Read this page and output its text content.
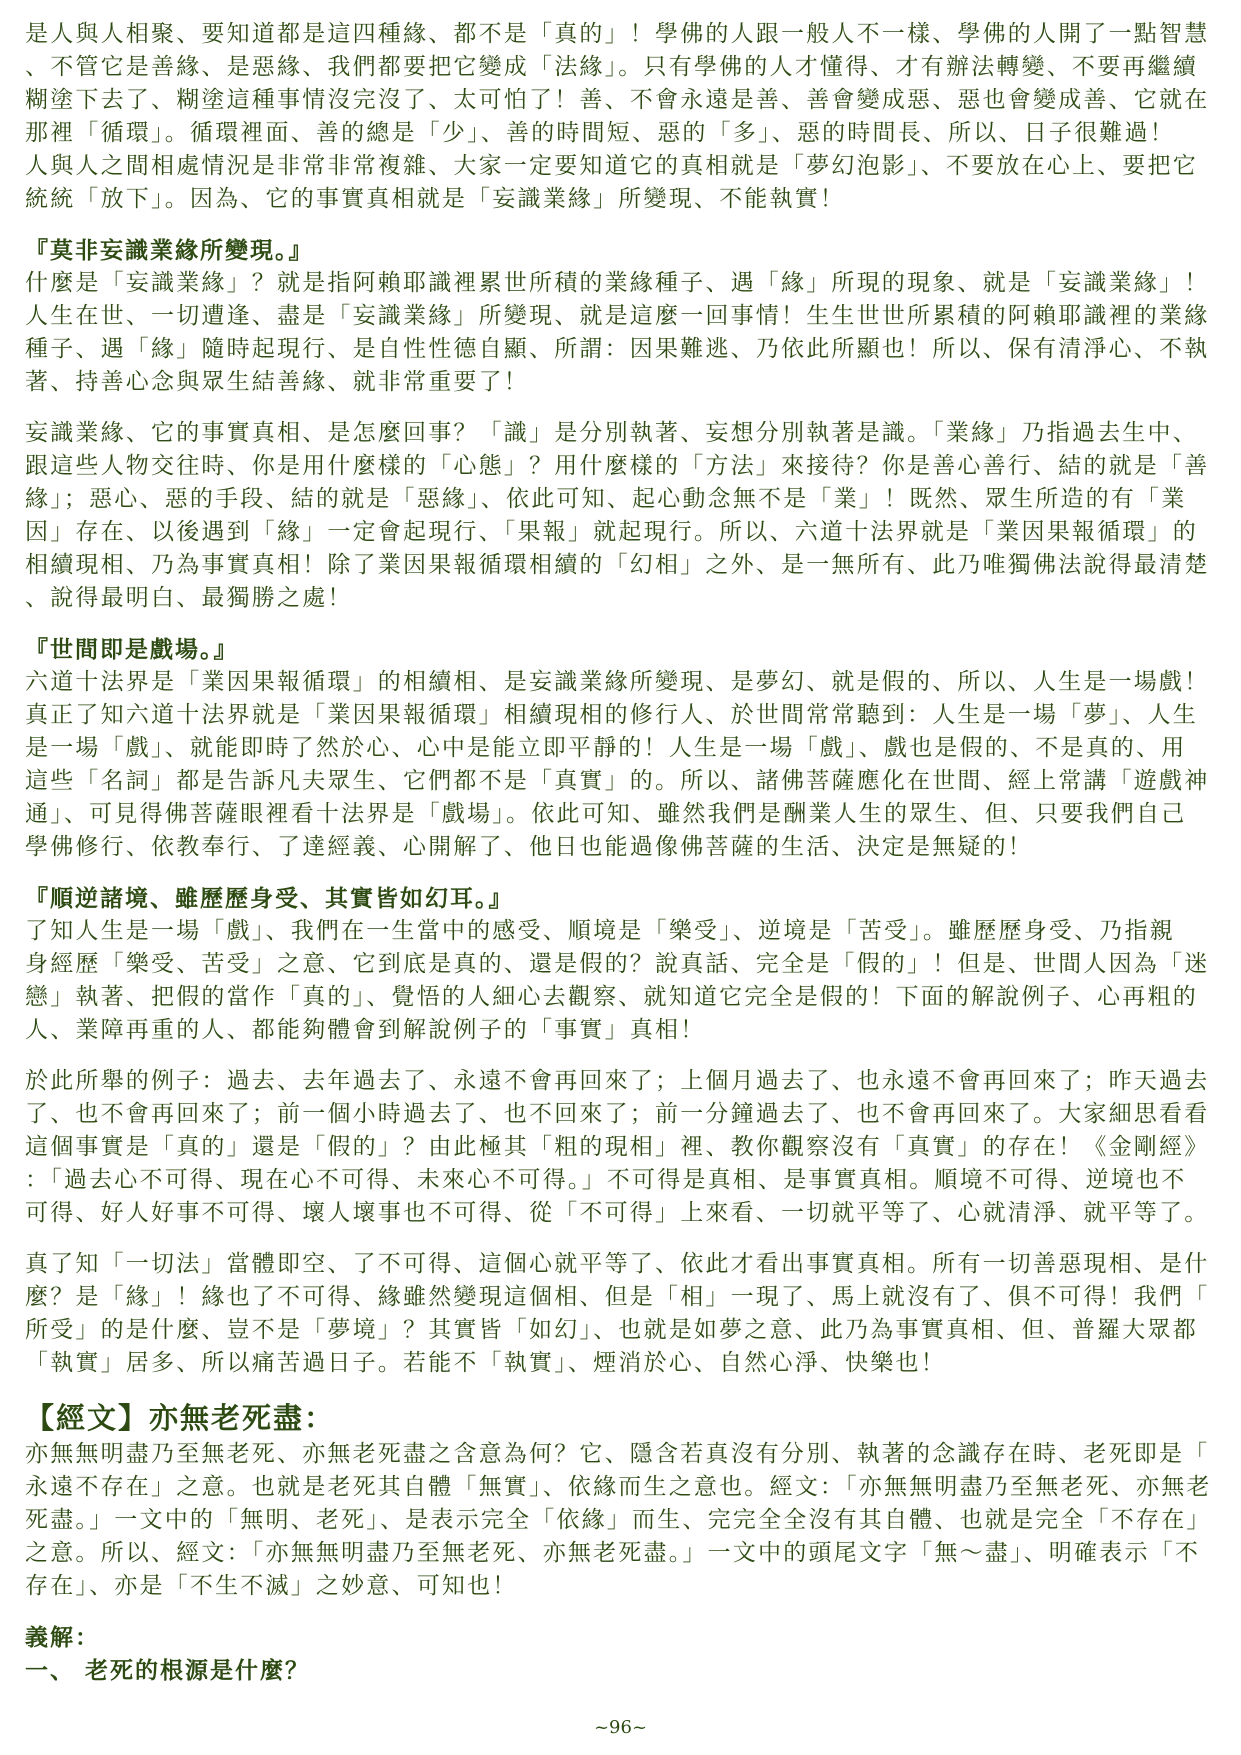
是人與人相聚、要知道都是這四種緣、都不是「真的」！學佛的人跟一般人不一樣、學佛的人開了一點智慧
、不管它是善緣、是惡緣、我們都要把它變成「法緣」。只有學佛的人才懂得、才有辦法轉變、不要再繼續
糊塗下去了、糊塗這種事情沒完沒了、太可怕了！善、不會永遠是善、善會變成惡、惡也會變成善、它就在
那裡「循環」。循環裡面、善的總是「少」、善的時間短、惡的「多」、惡的時間長、所以、日子很難過！
人與人之間相處情況是非常非常複雜、大家一定要知道它的真相就是「夢幻泡影」、不要放在心上、要把它
統統「放下」。因為、它的事實真相就是「妄識業緣」所變現、不能執實！

『莫非妄識業緣所變現。』

什麼是「妄識業緣」？就是指阿賴耶識裡累世所積的業緣種子、遇「緣」所現的現象、就是「妄識業緣」！
人生在世、一切遭逢、盡是「妄識業緣」所變現、就是這麼一回事情！生生世世所累積的阿賴耶識裡的業緣
種子、遇「緣」隨時起現行、是自性性德自顯、所謂：因果難逃、乃依此所顯也！所以、保有清淨心、不執
著、持善心念與眾生結善緣、就非常重要了！

妄識業緣、它的事實真相、是怎麼回事？「識」是分別執著、妄想分別執著是識。「業緣」乃指過去生中、
跟這些人物交往時、你是用什麼樣的「心態」？用什麼樣的「方法」來接待？你是善心善行、結的就是「善
緣」；惡心、惡的手段、結的就是「惡緣」、依此可知、起心動念無不是「業」！既然、眾生所造的有「業
因」存在、以後遇到「緣」一定會起現行、「果報」就起現行。所以、六道十法界就是「業因果報循環」的
相續現相、乃為事實真相！除了業因果報循環相續的「幻相」之外、是一無所有、此乃唯獨佛法說得最清楚
、說得最明白、最獨勝之處！

『世間即是戲場。』

六道十法界是「業因果報循環」的相續相、是妄識業緣所變現、是夢幻、就是假的、所以、人生是一場戲！
真正了知六道十法界就是「業因果報循環」相續現相的修行人、於世間常常聽到：人生是一場「夢」、人生
是一場「戲」、就能即時了然於心、心中是能立即平靜的！人生是一場「戲」、戲也是假的、不是真的、用
這些「名詞」都是告訴凡夫眾生、它們都不是「真實」的。所以、諸佛菩薩應化在世間、經上常講「遊戲神
通」、可見得佛菩薩眼裡看十法界是「戲場」。依此可知、雖然我們是酬業人生的眾生、但、只要我們自己
學佛修行、依教奉行、了達經義、心開解了、他日也能過像佛菩薩的生活、決定是無疑的！

『順逆諸境、雖歷歷身受、其實皆如幻耳。』

了知人生是一場「戲」、我們在一生當中的感受、順境是「樂受」、逆境是「苦受」。雖歷歷身受、乃指親
身經歷「樂受、苦受」之意、它到底是真的、還是假的？說真話、完全是「假的」！但是、世間人因為「迷
戀」執著、把假的當作「真的」、覺悟的人細心去觀察、就知道它完全是假的！下面的解說例子、心再粗的
人、業障再重的人、都能夠體會到解說例子的「事實」真相！

於此所舉的例子：過去、去年過去了、永遠不會再回來了；上個月過去了、也永遠不會再回來了；昨天過去
了、也不會再回來了；前一個小時過去了、也不回來了；前一分鐘過去了、也不會再回來了。大家細思看看
這個事實是「真的」還是「假的」？由此極其「粗的現相」裡、教你觀察沒有「真實」的存在！《金剛經》
：「過去心不可得、現在心不可得、未來心不可得。」不可得是真相、是事實真相。順境不可得、逆境也不
可得、好人好事不可得、壞人壞事也不可得、從「不可得」上來看、一切就平等了、心就清淨、就平等了。

真了知「一切法」當體即空、了不可得、這個心就平等了、依此才看出事實真相。所有一切善惡現相、是什
麼？是「緣」！緣也了不可得、緣雖然變現這個相、但是「相」一現了、馬上就沒有了、俱不可得！我們「
所受」的是什麼、豈不是「夢境」？其實皆「如幻」、也就是如夢之意、此乃為事實真相、但、普羅大眾都
「執實」居多、所以痛苦過日子。若能不「執實」、煙消於心、自然心淨、快樂也！

【經文】亦無老死盡：

亦無無明盡乃至無老死、亦無老死盡之含意為何？它、隱含若真沒有分別、執著的念識存在時、老死即是「
永遠不存在」之意。也就是老死其自體「無實」、依緣而生之意也。經文：「亦無無明盡乃至無老死、亦無老
死盡。」一文中的「無明、老死」、是表示完全「依緣」而生、完完全全沒有其自體、也就是完全「不存在」
之意。所以、經文：「亦無無明盡乃至無老死、亦無老死盡。」一文中的頭尾文字「無～盡」、明確表示「不
存在」、亦是「不生不滅」之妙意、可知也！

義解：

一、 老死的根源是什麼？

~96~
